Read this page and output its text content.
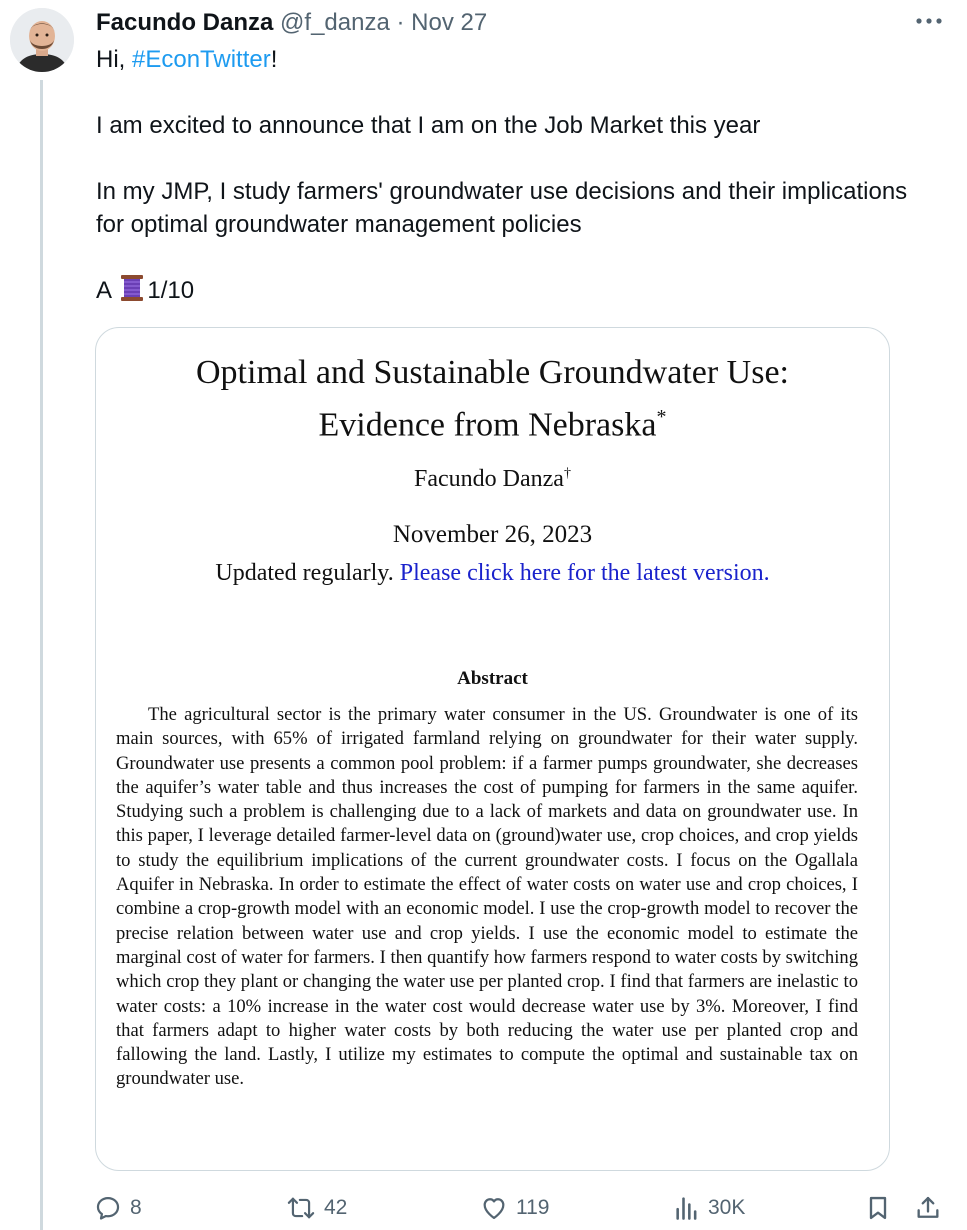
Facundo Danza @f_danza · Nov 27

Hi, #EconTwitter!

I am excited to announce that I am on the Job Market this year

In my JMP, I study farmers' groundwater use decisions and their implications for optimal groundwater management policies

A 1/10

Optimal and Sustainable Groundwater Use:
Evidence from Nebraska*
Facundo Danza†
November 26, 2023
Updated regularly. Please click here for the latest version.
Abstract
The agricultural sector is the primary water consumer in the US. Groundwater is one of its main sources, with 65% of irrigated farmland relying on groundwater for their water supply. Groundwater use presents a common pool problem: if a farmer pumps groundwater, she decreases the aquifer’s water table and thus increases the cost of pumping for farmers in the same aquifer. Studying such a problem is challenging due to a lack of markets and data on groundwater use. In this paper, I leverage detailed farmer-level data on (ground)water use, crop choices, and crop yields to study the equilibrium implications of the current groundwater costs. I focus on the Ogallala Aquifer in Nebraska. In order to estimate the effect of water costs on water use and crop choices, I combine a crop-growth model with an economic model. I use the crop-growth model to recover the precise relation between water use and crop yields. I use the economic model to estimate the marginal cost of water for farmers. I then quantify how farmers respond to water costs by switching which crop they plant or changing the water use per planted crop. I find that farmers are inelastic to water costs: a 10% increase in the water cost would decrease water use by 3%. Moreover, I find that farmers adapt to higher water costs by both reducing the water use per planted crop and fallowing the land. Lastly, I utilize my estimates to compute the optimal and sustainable tax on groundwater use.
8	42	119	30K
